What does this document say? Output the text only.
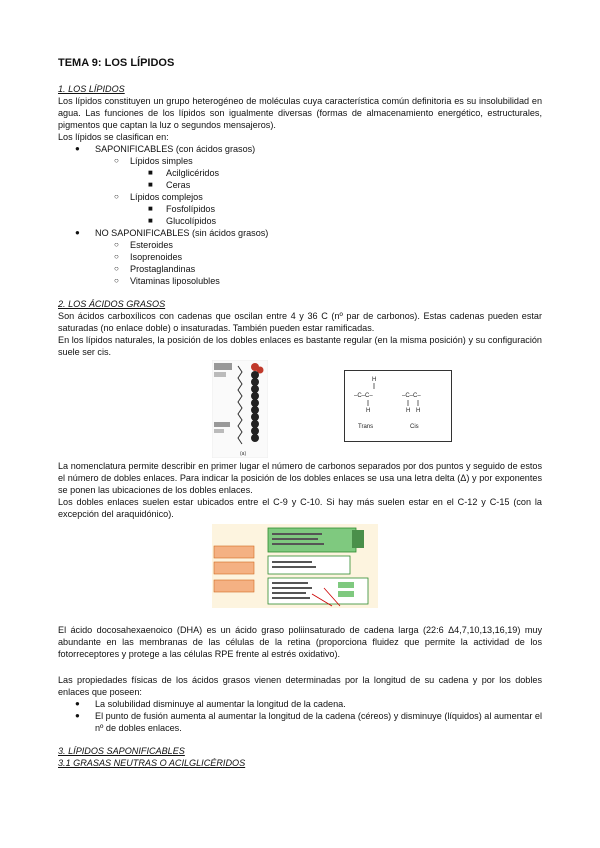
TEMA 9: LOS LÍPIDOS
1. LOS LÍPIDOS
Los lípidos constituyen un grupo heterogéneo de moléculas cuya característica común definitoria es su insolubilidad en agua. Las funciones de los lípidos son igualmente diversas (formas de almacenamiento energético, estructurales, pigmentos que captan la luz o segundos mensajeros).
Los lípidos se clasifican en:
● SAPONIFICABLES (con ácidos grasos)
○ Lípidos simples
■ Acilglicéridos
■ Ceras
○ Lípidos complejos
■ Fosfolípidos
■ Glucolípidos
● NO SAPONIFICABLES (sin ácidos grasos)
○ Esteroides
○ Isoprenoides
○ Prostaglandinas
○ Vitaminas liposolubles
2. LOS ÁCIDOS GRASOS
Son ácidos carboxílicos con cadenas que oscilan entre 4 y 36 C (nº par de carbonos). Estas cadenas pueden estar saturadas (no enlace doble) o insaturadas. También pueden estar ramificadas.
En los lípidos naturales, la posición de los dobles enlaces es bastante regular (en la misma posición) y su configuración suele ser cis.
(a)
H
–C–C–
H
–C–C–
H H
Trans	Cis
La nomenclatura permite describir en primer lugar el número de carbonos separados por dos puntos y seguido de estos el número de dobles enlaces. Para indicar la posición de los dobles enlaces se usa una letra delta (Δ) y por exponentes se ponen las ubicaciones de los dobles enlaces.
Los dobles enlaces suelen estar ubicados entre el C-9 y C-10. Si hay más suelen estar en el C-12 y C-15 (con la excepción del araquidónico).
El ácido docosahexaenoico (DHA) es un ácido graso poliinsaturado de cadena larga (22:6 Δ4,7,10,13,16,19) muy abundante en las membranas de las células de la retina (proporciona fluidez que permite la actividad de los fotorreceptores y protege a las células RPE frente al estrés oxidativo).
Las propiedades físicas de los ácidos grasos vienen determinadas por la longitud de su cadena y por los dobles enlaces que poseen:
● La solubilidad disminuye al aumentar la longitud de la cadena.
● El punto de fusión aumenta al aumentar la longitud de la cadena (céreos) y disminuye (líquidos) al aumentar el nº de dobles enlaces.
3. LÍPIDOS SAPONIFICABLES
3.1 GRASAS NEUTRAS O ACILGLICÉRIDOS
